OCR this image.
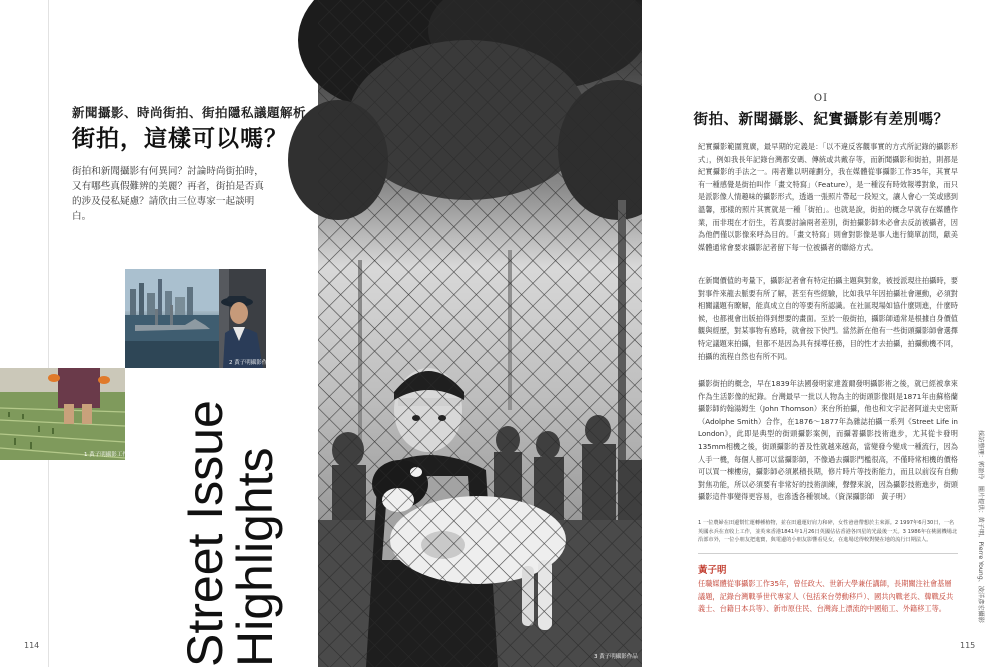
新聞攝影、時尚街拍、街拍隱私議題解析
街拍，這樣可以嗎？
街拍和新聞攝影有何異同？討論時尚街拍時，又有哪些真假難辨的美麗？再者，街拍是否真的涉及侵私疑慮？請欣由三位專家一起談明白。
2 黃子明攝影作品
1 黃子明攝影工作 Street Issue
Highlights
114
3 黃子明攝影作品
OI
街拍、新聞攝影、紀實攝影有差別嗎？
紀實攝影範圍寬廣，最早期的定義是：「以不違反客觀事實的方式所記錄的攝影形式」，例如我長年記錄台灣都安碼、傳統或共戴存等，而新聞攝影和街拍，則都是紀實攝影的手法之一。兩者難以明確劃分，我在媒體從事攝影工作35年，其實早有一種感覺是街拍叫作「畫文特寫」（Feature），是一種沒有時效報導對象，而只是派影像人情趣味的攝影形式，透過一張照片帶起一段短文，讓人會心一笑或感到溫馨，那樣的照片其實就是一種「街拍」。也就是說，街拍的概念早就存在媒體作業，而非現在才衍生，若真要討論兩者差別，街拍攝影師未必會去反訪被攝者，因為他們僅以影像來呼為目的。「畫文特寫」則會對影像是事人進行簡單訪問，獻美媒體通常會要求攝影記者留下每一位被攝者的聯絡方式。
在新聞價值的考量下，攝影記者會有特定拍攝主題與對象，被授派現往拍攝時，要對事件來龍去脈要有所了解，甚至有些經驗，比如我早年因拍攝社會運動，必須對相關議題有瞭解，能真成立自的等要有所認識。在社區現場如協什麼則進，什麼時候，也都視會出版拍得到想要的畫面。至於一般街拍，攝影師通常是根據自身價值觀與經歷，對某事物有感時，就會按下快門。當然新在他有一些街頭攝影師會選擇特定議題來拍攝，但都不是因為具有採導任務，目的性才去拍攝，拍攝動機不同，拍攝的流程自然也有所不同。
攝影街拍的概念，早在1839年法國發明家達蓋爾發明攝影術之後，就已經被拿來作為生活影像的紀錄。台灣最早一批以人物為主的街頭影像則是1871年由蘇格蘭攝影師約翰湯姆生（John Thomson）來台所拍攝，他也和文字記者阿道夫史密斯（Adolphe Smith）合作，在1876～1877年為雜誌拍攝一系列《Street Life in London》，此即是典型的街頭攝影案例，而攝著攝影技術進步，尤其從卡發明135mm相機之後，街頭攝影的普及性就越來越高，當變發今變成一種流行，因為人手一機，每個人都可以當攝影師，不像過去攝影門檻很高，不僅時常相機的價格可以買一棟樓房，攝影師必須累積長期，修片時片等技術能力，而且以前沒有自動對焦功能，所以必須要有非常好的技術訓練，聲聲來說，因為攝影技術進步，街頭攝影這件事變得更容易，也滲透各種領域。（資深攝影師　黃子明）
1 一位農婦在田邊幫忙運轉種植物，並在田邊運好肩力和碎，女性爸爸帶想於主來源。2 1997年6月30日，一名英國水兵在直收上工作，並英來香港1841年1月26日英國佔佔香港各四星的光最後一天。3 1986年在桃園機場北沿部市外，一位小朋友把進寶，與電邊的小朋友影響看見女，在進場送得較對變在地的流行日期法人。
黃子明
任職媒體從事攝影工作35年，曾任政大、世新大學兼任講師，長期關注社會基層議題，記錄台灣戰爭世代專家人（包括來台勞動移戶）、國共內戰老兵、韓戰反共義士、台籍日本兵等）、新市原住民、台灣海上漂流的中國船工、外籍移工等。	採訪整理：郭盈伶　圖片提供：黃子明、Pierre Young、凌洋彥宏攝影
115
